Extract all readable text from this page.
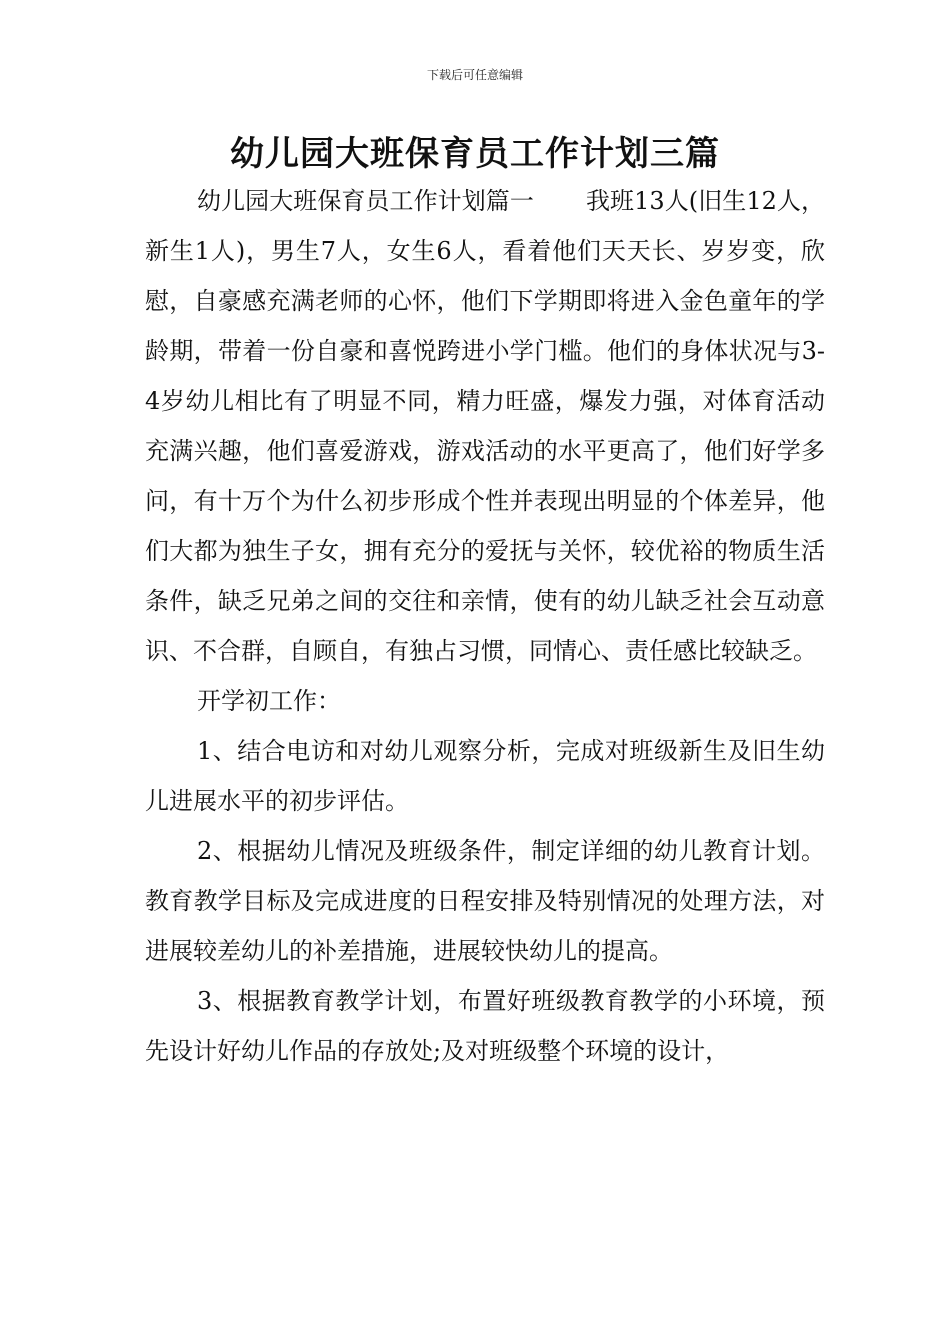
下载后可任意编辑
幼儿园大班保育员工作计划三篇

幼儿园大班保育员工作计划篇一 我班13人(旧生12人，新生1人)，男生7人，女生6人，看着他们天天长、岁岁变，欣慰，自豪感充满老师的心怀，他们下学期即将进入金色童年的学龄期，带着一份自豪和喜悦跨进小学门槛。他们的身体状况与3-4岁幼儿相比有了明显不同，精力旺盛，爆发力强，对体育活动充满兴趣，他们喜爱游戏，游戏活动的水平更高了，他们好学多问，有十万个为什么初步形成个性并表现出明显的个体差异，他们大都为独生子女，拥有充分的爱抚与关怀，较优裕的物质生活条件，缺乏兄弟之间的交往和亲情，使有的幼儿缺乏社会互动意识、不合群，自顾自，有独占习惯，同情心、责任感比较缺乏。

开学初工作：

1、结合电访和对幼儿观察分析，完成对班级新生及旧生幼儿进展水平的初步评估。

2、根据幼儿情况及班级条件，制定详细的幼儿教育计划。教育教学目标及完成进度的日程安排及特别情况的处理方法，对进展较差幼儿的补差措施，进展较快幼儿的提高。

3、根据教育教学计划，布置好班级教育教学的小环境，预先设计好幼儿作品的存放处;及对班级整个环境的设计，
